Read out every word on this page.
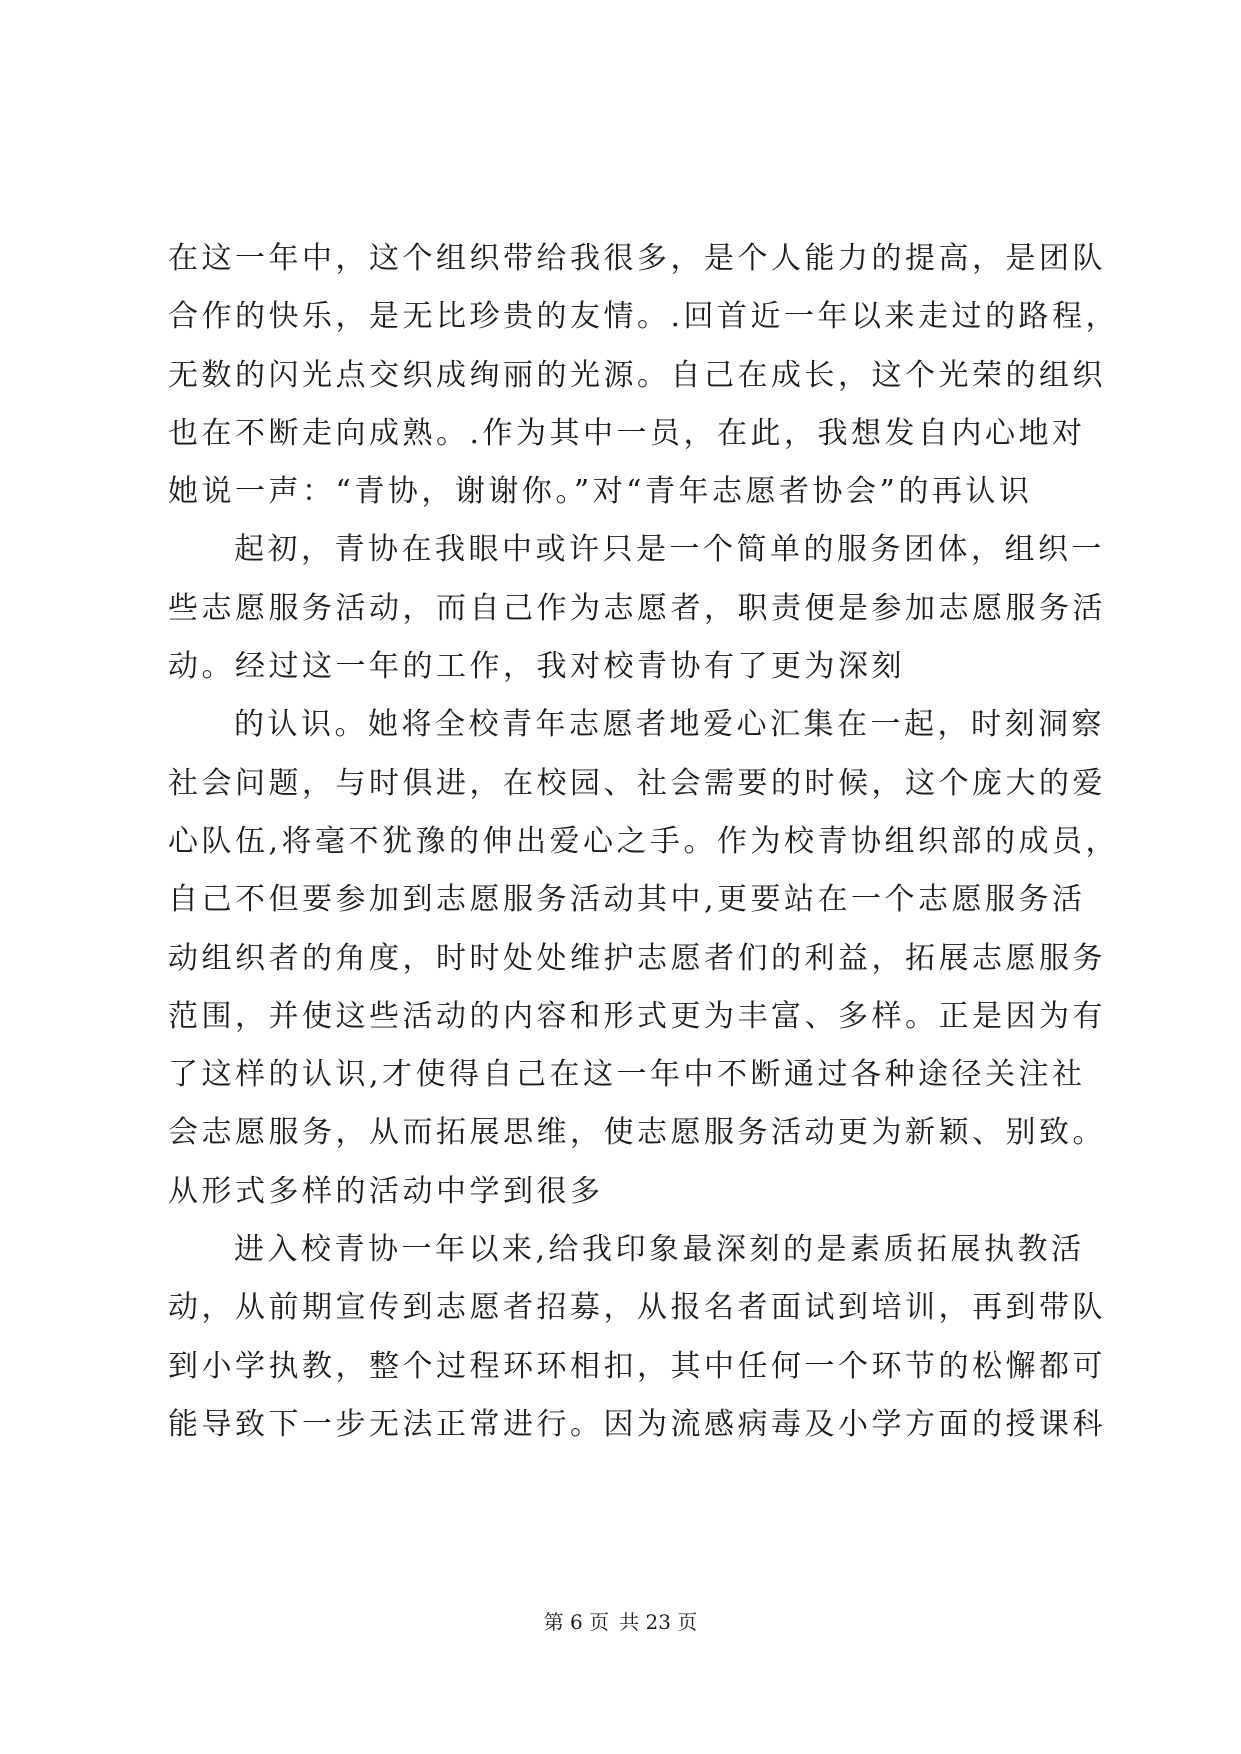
在这一年中，这个组织带给我很多，是个人能力的提高，是团队
合作的快乐，是无比珍贵的友情。.回首近一年以来走过的路程，
无数的闪光点交织成绚丽的光源。自己在成长，这个光荣的组织
也在不断走向成熟。.作为其中一员，在此，我想发自内心地对
她说一声：“青协，谢谢你。”对“青年志愿者协会”的再认识
起初，青协在我眼中或许只是一个简单的服务团体，组织一
些志愿服务活动，而自己作为志愿者，职责便是参加志愿服务活
动。经过这一年的工作，我对校青协有了更为深刻
的认识。她将全校青年志愿者地爱心汇集在一起，时刻洞察
社会问题，与时俱进，在校园、社会需要的时候，这个庞大的爱
心队伍,将毫不犹豫的伸出爱心之手。作为校青协组织部的成员，
自己不但要参加到志愿服务活动其中,更要站在一个志愿服务活
动组织者的角度，时时处处维护志愿者们的利益，拓展志愿服务
范围，并使这些活动的内容和形式更为丰富、多样。正是因为有
了这样的认识,才使得自己在这一年中不断通过各种途径关注社
会志愿服务，从而拓展思维，使志愿服务活动更为新颖、别致。
从形式多样的活动中学到很多
进入校青协一年以来,给我印象最深刻的是素质拓展执教活
动，从前期宣传到志愿者招募，从报名者面试到培训，再到带队
到小学执教，整个过程环环相扣，其中任何一个环节的松懈都可
能导致下一步无法正常进行。因为流感病毒及小学方面的授课科
第 6 页 共 23 页
